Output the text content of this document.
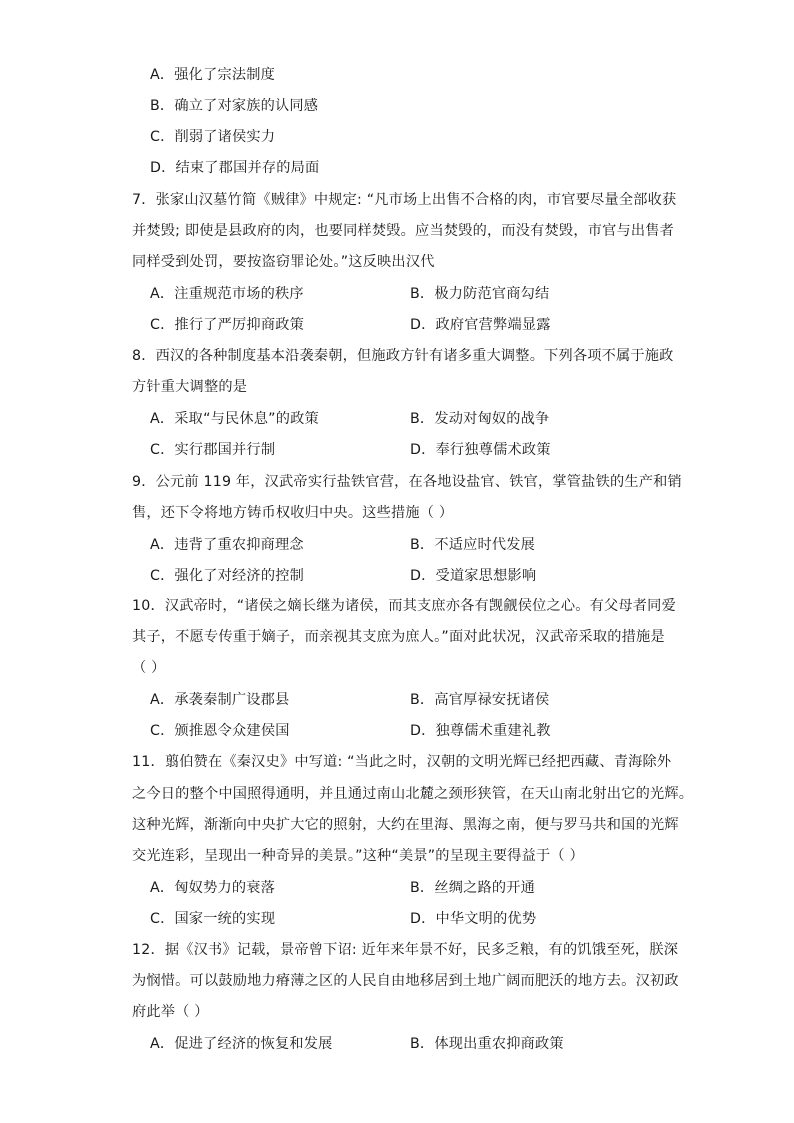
A．强化了宗法制度
B．确立了对家族的认同感
C．削弱了诸侯实力
D．结束了郡国并存的局面
7．张家山汉墓竹简《贼律》中规定: “凡市场上出售不合格的肉，市官要尽量全部收获
并焚毁; 即使是县政府的肉，也要同样焚毁。应当焚毁的，而没有焚毁，市官与出售者
同样受到处罚，要按盗窃罪论处。”这反映出汉代
A．注重规范市场的秩序	B．极力防范官商勾结
C．推行了严厉抑商政策	D．政府官营弊端显露
8．西汉的各种制度基本沿袭秦朝，但施政方针有诸多重大调整。下列各项不属于施政
方针重大调整的是
A．采取“与民休息”的政策	B．发动对匈奴的战争
C．实行郡国并行制	D．奉行独尊儒术政策
9．公元前 119 年，汉武帝实行盐铁官营，在各地设盐官、铁官，掌管盐铁的生产和销
售，还下令将地方铸币权收归中央。这些措施（ ）
A．违背了重农抑商理念	B．不适应时代发展
C．强化了对经济的控制	D．受道家思想影响
10．汉武帝时，“诸侯之嫡长继为诸侯，而其支庶亦各有觊觎侯位之心。有父母者同爱
其子，不愿专传重于嫡子，而亲视其支庶为庶人。”面对此状况，汉武帝采取的措施是
（ ）
A．承袭秦制广设郡县	B．高官厚禄安抚诸侯
C．颁推恩令众建侯国	D．独尊儒术重建礼教
11．翦伯赞在《秦汉史》中写道: “当此之时，汉朝的文明光辉已经把西藏、青海除外
之今日的整个中国照得通明，并且通过南山北麓之颈形狭管，在天山南北射出它的光辉。
这种光辉，渐渐向中央扩大它的照射，大约在里海、黑海之南，便与罗马共和国的光辉
交光连彩，呈现出一种奇异的美景。”这种“美景”的呈现主要得益于（ ）
A．匈奴势力的衰落	B．丝绸之路的开通
C．国家一统的实现	D．中华文明的优势
12．据《汉书》记载，景帝曾下诏: 近年来年景不好，民多乏粮，有的饥饿至死，朕深
为悯惜。可以鼓励地力瘠薄之区的人民自由地移居到土地广阔而肥沃的地方去。汉初政
府此举（ ）
A．促进了经济的恢复和发展	B．体现出重农抑商政策
